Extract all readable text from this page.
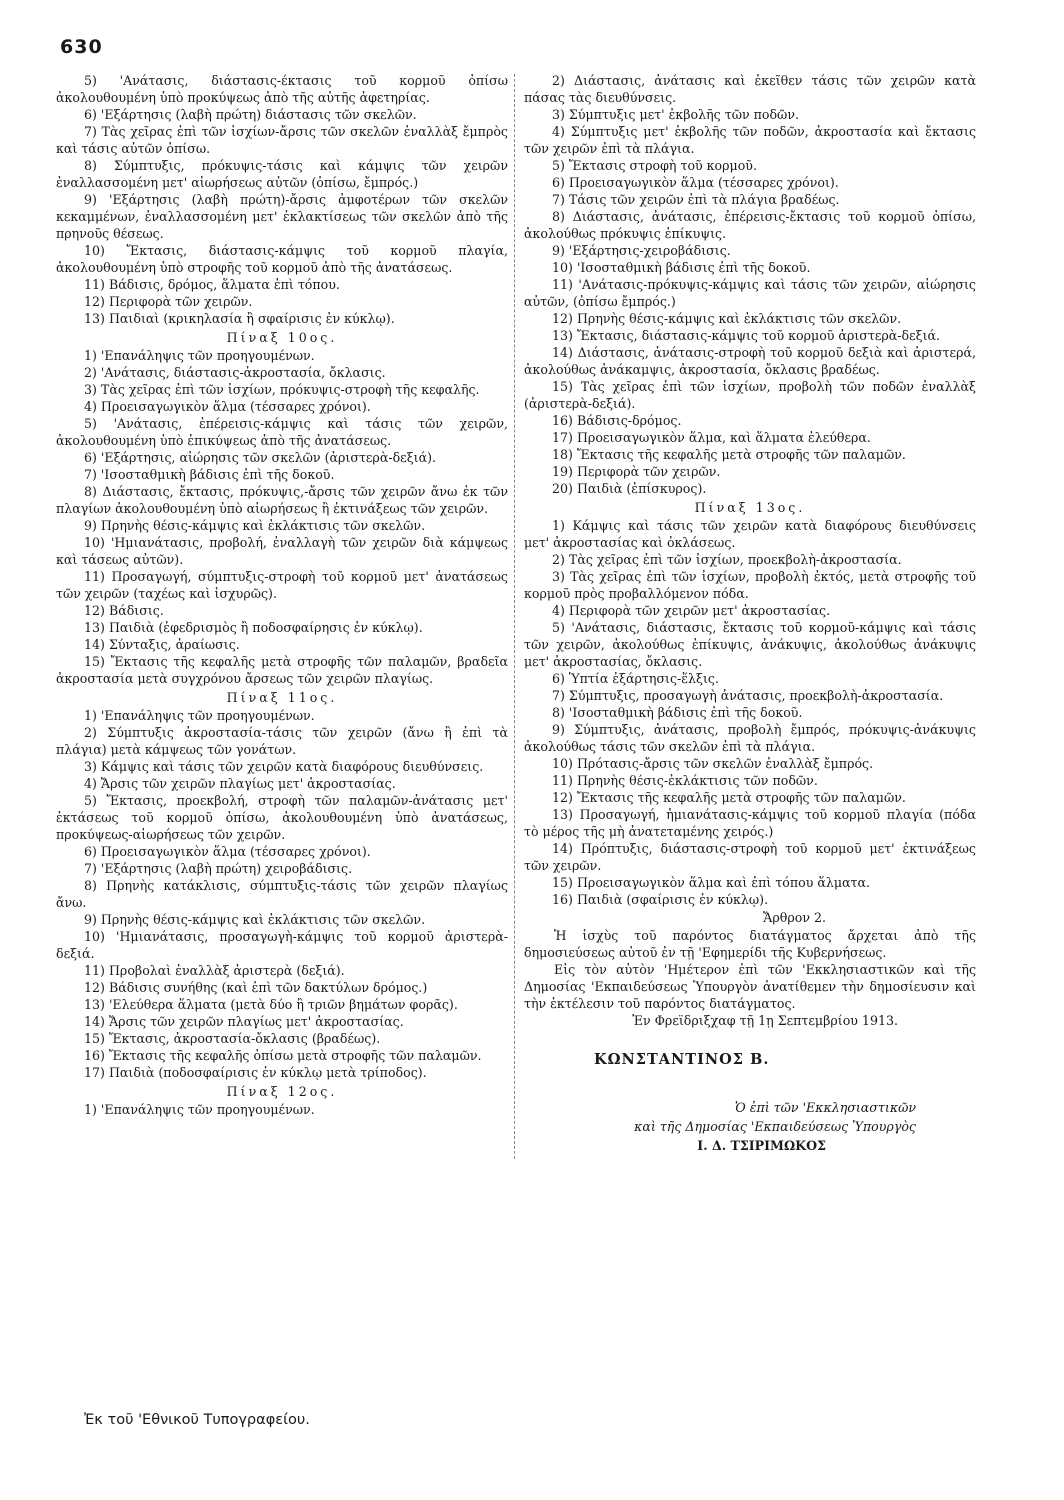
630

5) 'Ανάτασις, διάστασις-έκτασις τοῦ κορμοῦ ὀπίσω ἀκολουθουμένη ὑπὸ προκύψεως ἀπὸ τῆς αὐτῆς ἀφετηρίας.

6) 'Εξάρτησις (λαβὴ πρώτη) διάστασις τῶν σκελῶν.

7) Τὰς χεῖρας ἐπὶ τῶν ἰσχίων-ἄρσις τῶν σκελῶν ἐναλλὰξ ἔμπρὸς καὶ τάσις αὐτῶν ὀπίσω.

8) Σύμπτυξις, πρόκυψις-τάσις καὶ κάμψις τῶν χειρῶν ἐναλλασσομένη μετ' αἰωρήσεως αὐτῶν (ὀπίσω, ἔμπρός.)

9) 'Εξάρτησις (λαβὴ πρώτη)-ἄρσις ἀμφοτέρων τῶν σκελῶν κεκαμμένων, ἐναλλασσομένη μετ' ἐκλακτίσεως τῶν σκελῶν ἀπὸ τῆς πρηνοῦς θέσεως.

10) Ἔκτασις, διάστασις-κάμψις τοῦ κορμοῦ πλαγία, ἀκολουθουμένη ὑπὸ στροφῆς τοῦ κορμοῦ ἀπὸ τῆς ἀνατάσεως.

11) Βάδισις, δρόμος, ἅλματα ἐπὶ τόπου.

12) Περιφορὰ τῶν χειρῶν.

13) Παιδιαὶ (κρικηλασία ἢ σφαίρισις ἐν κύκλῳ).

Πίναξ 10ος.

1) 'Επανάληψις τῶν προηγουμένων.

2) 'Ανάτασις, διάστασις-ἀκροστασία, ὄκλασις.

3) Τὰς χεῖρας ἐπὶ τῶν ἰσχίων, πρόκυψις-στροφὴ τῆς κεφαλῆς.

4) Προεισαγωγικὸν ἅλμα (τέσσαρες χρόνοι).

5) 'Ανάτασις, ἐπέρεισις-κάμψις καὶ τάσις τῶν χειρῶν, ἀκολουθουμένη ὑπὸ ἐπικύψεως ἀπὸ τῆς ἀνατάσεως.

6) 'Εξάρτησις, αἰώρησις τῶν σκελῶν (ἀριστερὰ-δεξιά).

7) 'Ισοσταθμικὴ βάδισις ἐπὶ τῆς δοκοῦ.

8) Διάστασις, ἔκτασις, πρόκυψις,-ἄρσις τῶν χειρῶν ἄνω ἐκ τῶν πλαγίων ἀκολουθουμένη ὑπὸ αἰωρήσεως ἢ ἐκτινάξεως τῶν χειρῶν.

9) Πρηνὴς θέσις-κάμψις καὶ ἐκλάκτισις τῶν σκελῶν.

10) 'Ημιανάτασις, προβολή, ἐναλλαγὴ τῶν χειρῶν διὰ κάμψεως καὶ τάσεως αὐτῶν).

11) Προσαγωγή, σύμπτυξις-στροφὴ τοῦ κορμοῦ μετ' ἀνατάσεως τῶν χειρῶν (ταχέως καὶ ἰσχυρῶς).

12) Βάδισις.

13) Παιδιὰ (ἐφεδρισμὸς ἢ ποδοσφαίρησις ἐν κύκλῳ).

14) Σύνταξις, ἀραίωσις.

15) Ἔκτασις τῆς κεφαλῆς μετὰ στροφῆς τῶν παλαμῶν, βραδεῖα ἀκροστασία μετὰ συγχρόνου ἄρσεως τῶν χειρῶν πλαγίως.

Πίναξ 11ος.

1) 'Επανάληψις τῶν προηγουμένων.

2) Σύμπτυξις ἀκροστασία-τάσις τῶν χειρῶν (ἄνω ἢ ἐπὶ τὰ πλάγια) μετὰ κάμψεως τῶν γονάτων.

3) Κάμψις καὶ τάσις τῶν χειρῶν κατὰ διαφόρους διευθύνσεις.

4) Ἄρσις τῶν χειρῶν πλαγίως μετ' ἀκροστασίας.

5) Ἔκτασις, προεκβολή, στροφὴ τῶν παλαμῶν-ἀνάτασις μετ' ἐκτάσεως τοῦ κορμοῦ ὀπίσω, ἀκολουθουμένη ὑπὸ ἀνατάσεως, προκύψεως-αἰωρήσεως τῶν χειρῶν.

6) Προεισαγωγικὸν ἅλμα (τέσσαρες χρόνοι).

7) 'Εξάρτησις (λαβὴ πρώτη) χειροβάδισις.

8) Πρηνὴς κατάκλισις, σύμπτυξις-τάσις τῶν χειρῶν πλαγίως ἄνω.

9) Πρηνὴς θέσις-κάμψις καὶ ἐκλάκτισις τῶν σκελῶν.

10) 'Ημιανάτασις, προσαγωγὴ-κάμψις τοῦ κορμοῦ ἀριστερὰ-δεξιά.

11) Προβολαὶ ἐναλλὰξ ἀριστερὰ (δεξιά).

12) Βάδισις συνήθης (καὶ ἐπὶ τῶν δακτύλων δρόμος.)

13) 'Ελεύθερα ἅλματα (μετὰ δύο ἢ τριῶν βημάτων φορᾶς).

14) Ἄρσις τῶν χειρῶν πλαγίως μετ' ἀκροστασίας.

15) Ἔκτασις, ἀκροστασία-ὄκλασις (βραδέως).

16) Ἔκτασις τῆς κεφαλῆς ὀπίσω μετὰ στροφῆς τῶν παλαμῶν.

17) Παιδιὰ (ποδοσφαίρισις ἐν κύκλῳ μετὰ τρίποδος).

Πίναξ 12ος.

1) 'Επανάληψις τῶν προηγουμένων.

2) Διάστασις, ἀνάτασις καὶ ἐκεῖθεν τάσις τῶν χειρῶν κατὰ πάσας τὰς διευθύνσεις.

3) Σύμπτυξις μετ' ἐκβολῆς τῶν ποδῶν.

4) Σύμπτυξις μετ' ἐκβολῆς τῶν ποδῶν, ἀκροστασία καὶ ἔκτασις τῶν χειρῶν ἐπὶ τὰ πλάγια.

5) Ἔκτασις στροφὴ τοῦ κορμοῦ.

6) Προεισαγωγικὸν ἅλμα (τέσσαρες χρόνοι).

7) Τάσις τῶν χειρῶν ἐπὶ τὰ πλάγια βραδέως.

8) Διάστασις, ἀνάτασις, ἐπέρεισις-ἔκτασις τοῦ κορμοῦ ὀπίσω, ἀκολούθως πρόκυψις ἐπίκυψις.

9) 'Εξάρτησις-χειροβάδισις.

10) 'Ισοσταθμικὴ βάδισις ἐπὶ τῆς δοκοῦ.

11) 'Ανάτασις-πρόκυψις-κάμψις καὶ τάσις τῶν χειρῶν, αἰώρησις αὐτῶν, (ὀπίσω ἔμπρός.)

12) Πρηνὴς θέσις-κάμψις καὶ ἐκλάκτισις τῶν σκελῶν.

13) Ἔκτασις, διάστασις-κάμψις τοῦ κορμοῦ ἀριστερὰ-δεξιά.

14) Διάστασις, ἀνάτασις-στροφὴ τοῦ κορμοῦ δεξιὰ καὶ ἀριστερά, ἀκολούθως ἀνάκαμψις, ἀκροστασία, ὄκλασις βραδέως.

15) Τὰς χεῖρας ἐπὶ τῶν ἰσχίων, προβολὴ τῶν ποδῶν ἐναλλὰξ (ἀριστερὰ-δεξιά).

16) Βάδισις-δρόμος.

17) Προεισαγωγικὸν ἅλμα, καὶ ἅλματα ἐλεύθερα.

18) Ἔκτασις τῆς κεφαλῆς μετὰ στροφῆς τῶν παλαμῶν.

19) Περιφορὰ τῶν χειρῶν.

20) Παιδιὰ (ἐπίσκυρος).

Πίναξ 13ος.

1) Κάμψις καὶ τάσις τῶν χειρῶν κατὰ διαφόρους διευθύνσεις μετ' ἀκροστασίας καὶ ὀκλάσεως.

2) Τὰς χεῖρας ἐπὶ τῶν ἰσχίων, προεκβολὴ-ἀκροστασία.

3) Τὰς χεῖρας ἐπὶ τῶν ἰσχίων, προβολὴ ἐκτός, μετὰ στροφῆς τοῦ κορμοῦ πρὸς προβαλλόμενον πόδα.

4) Περιφορὰ τῶν χειρῶν μετ' ἀκροστασίας.

5) 'Ανάτασις, διάστασις, ἔκτασις τοῦ κορμοῦ-κάμψις καὶ τάσις τῶν χειρῶν, ἀκολούθως ἐπίκυψις, ἀνάκυψις, ἀκολούθως ἀνάκυψις μετ' ἀκροστασίας, ὄκλασις.

6) Ὑπτία ἐξάρτησις-ἕλξις.

7) Σύμπτυξις, προσαγωγὴ ἀνάτασις, προεκβολὴ-ἀκροστασία.

8) 'Ισοσταθμικὴ βάδισις ἐπὶ τῆς δοκοῦ.

9) Σύμπτυξις, ἀνάτασις, προβολὴ ἔμπρός, πρόκυψις-ἀνάκυψις ἀκολούθως τάσις τῶν σκελῶν ἐπὶ τὰ πλάγια.

10) Πρότασις-ἄρσις τῶν σκελῶν ἐναλλὰξ ἔμπρός.

11) Πρηνὴς θέσις-ἐκλάκτισις τῶν ποδῶν.

12) Ἔκτασις τῆς κεφαλῆς μετὰ στροφῆς τῶν παλαμῶν.

13) Προσαγωγή, ἡμιανάτασις-κάμψις τοῦ κορμοῦ πλαγία (πόδα τὸ μέρος τῆς μὴ ἀνατεταμένης χειρός.)

14) Πρόπτυξις, διάστασις-στροφὴ τοῦ κορμοῦ μετ' ἐκτινάξεως τῶν χειρῶν.

15) Προεισαγωγικὸν ἅλμα καὶ ἐπὶ τόπου ἅλματα.

16) Παιδιὰ (σφαίρισις ἐν κύκλῳ).

Ἄρθρον 2.

Ἡ ἰσχὺς τοῦ παρόντος διατάγματος ἄρχεται ἀπὸ τῆς δημοσιεύσεως αὐτοῦ ἐν τῇ 'Εφημερίδι τῆς Κυβερνήσεως.

Εἰς τὸν αὐτὸν 'Ημέτερον ἐπὶ τῶν 'Εκκλησιαστικῶν καὶ τῆς Δημοσίας 'Εκπαιδεύσεως Ὑπουργὸν ἀνατίθεμεν τὴν δημοσίευσιν καὶ τὴν ἐκτέλεσιν τοῦ παρόντος διατάγματος.

Ἐν Φρεϊδριξχαφ τῇ 1ῃ Σεπτεμβρίου 1913.

ΚΩΝΣΤΑΝΤΙΝΟΣ Β.
Ὁ ἐπὶ τῶν 'Εκκλησιαστικῶν
καὶ τῆς Δημοσίας 'Εκπαιδεύσεως Ὑπουργὸς
Ι. Δ. ΤΣΙΡΙΜΩΚΟΣ
Ἐκ τοῦ 'Εθνικοῦ Τυπογραφείου.
